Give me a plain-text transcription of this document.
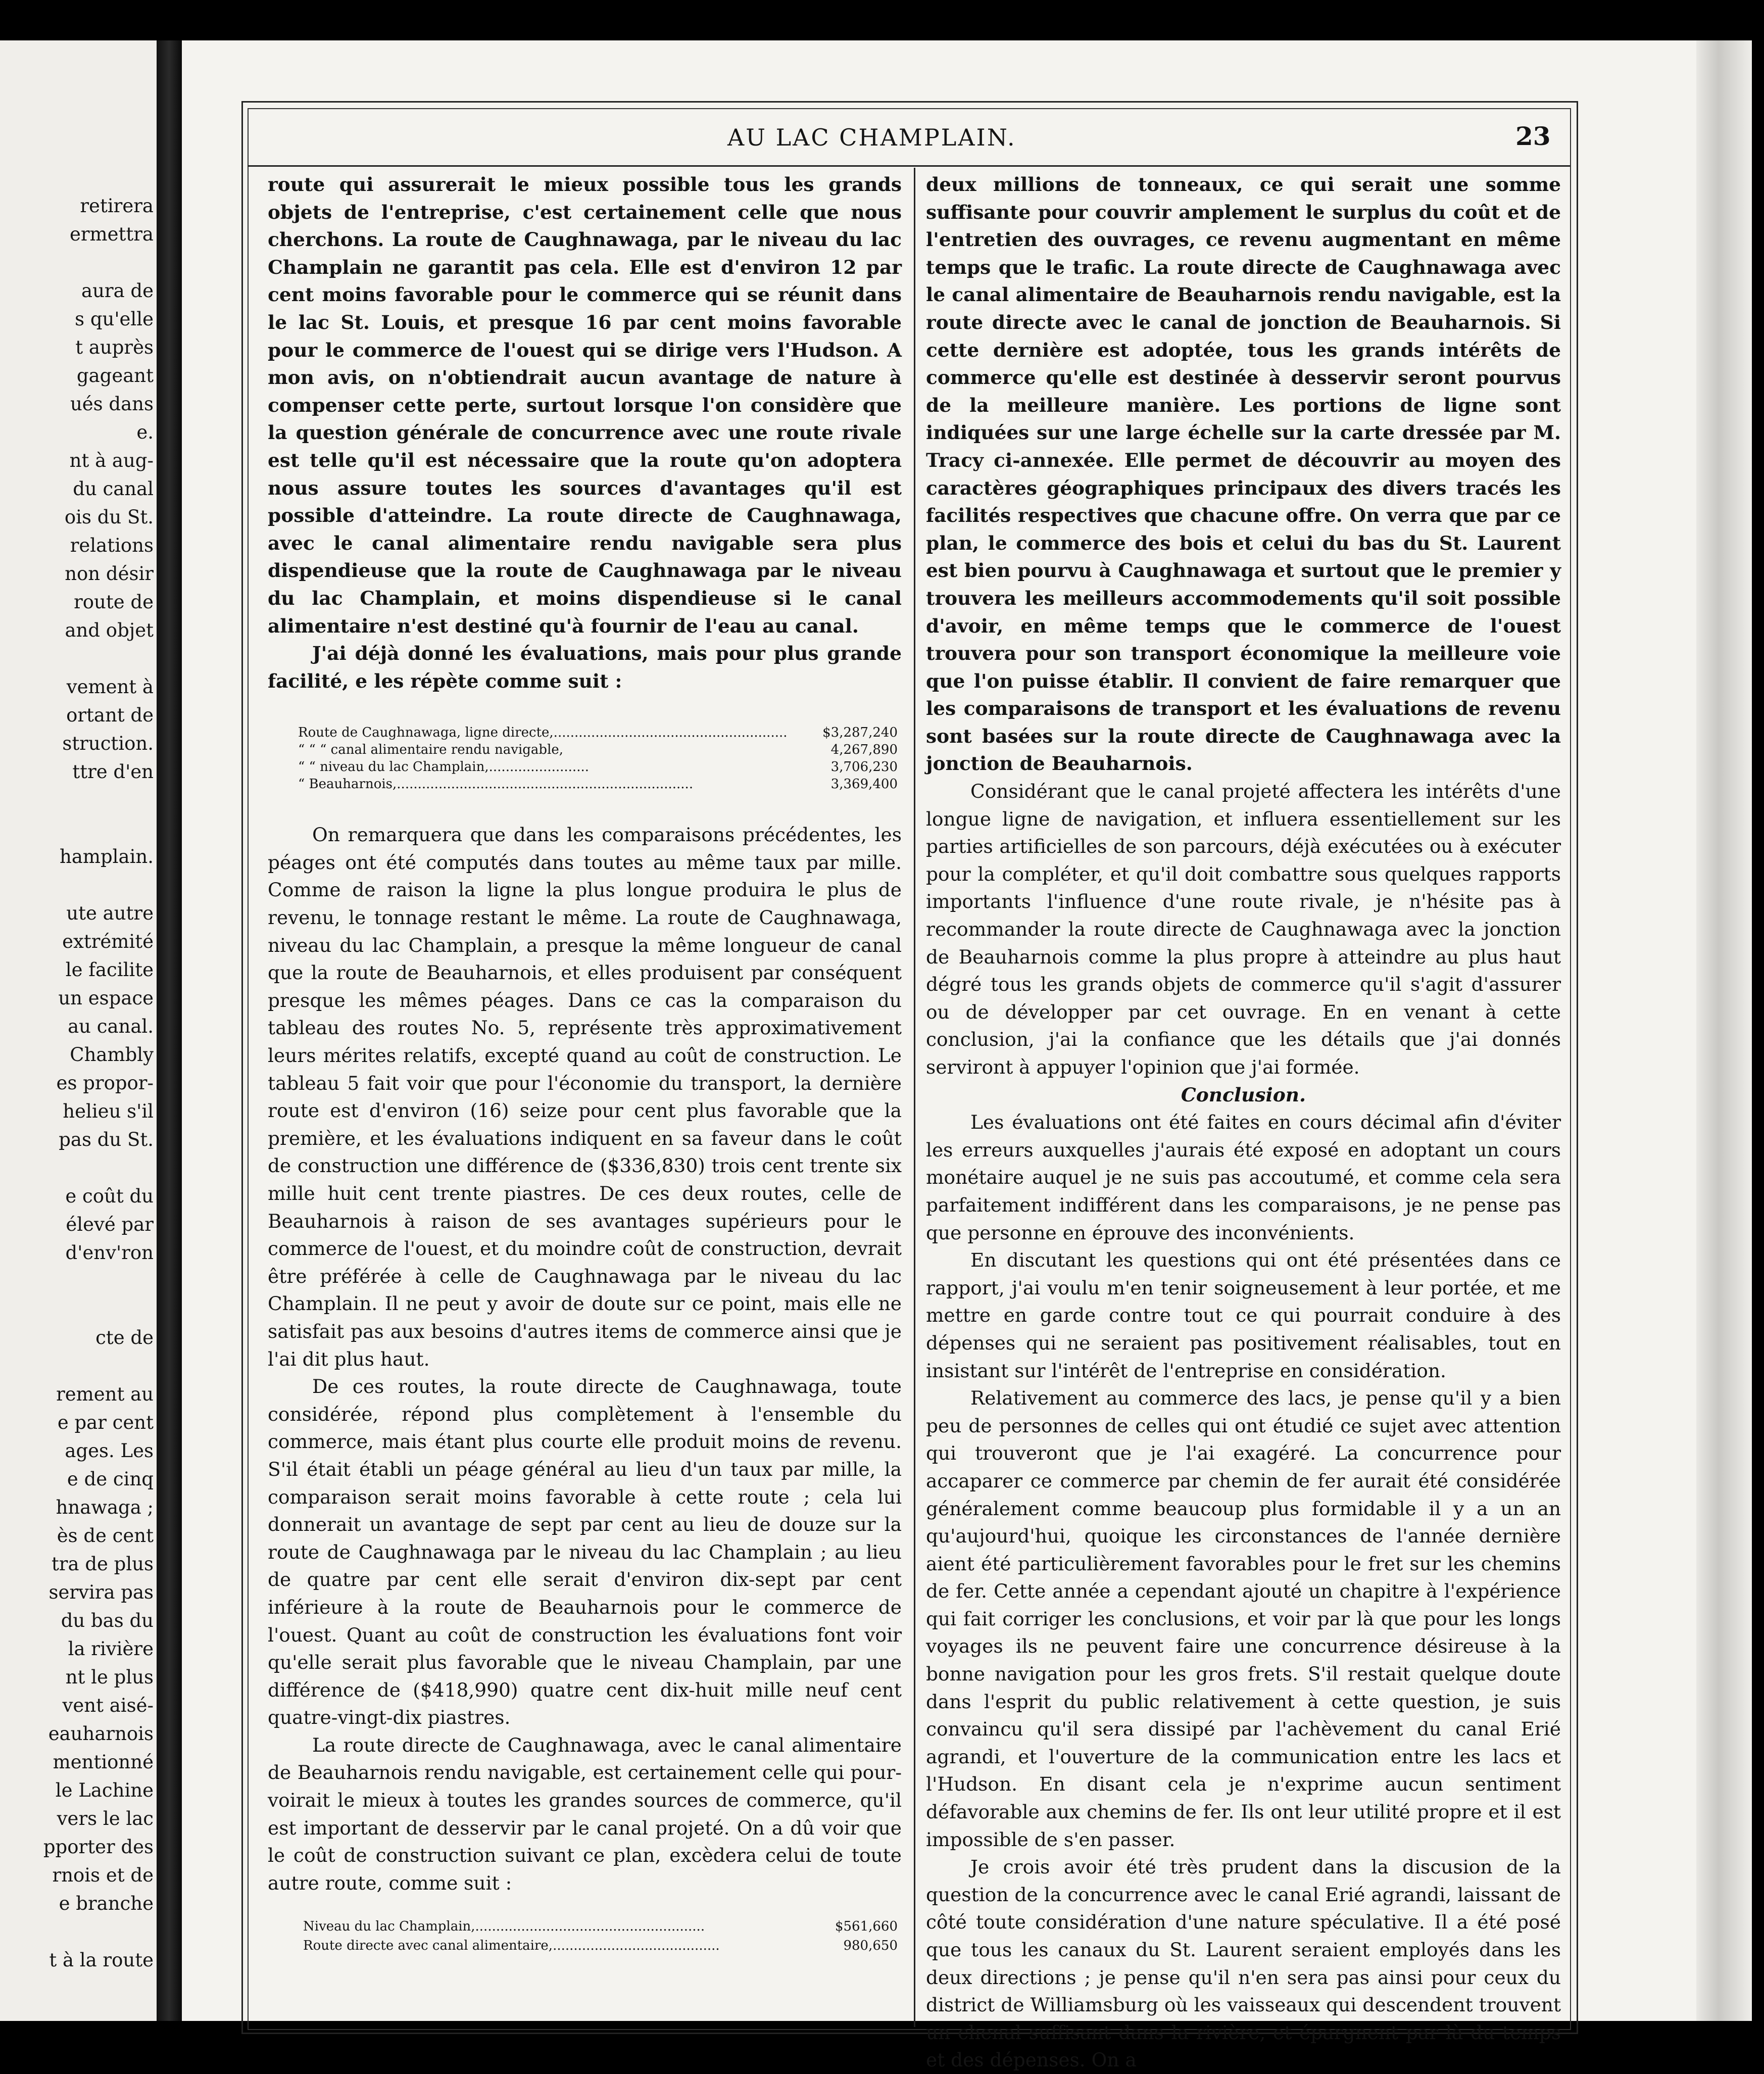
retirera
ermettra
aura de
s qu'elle
t auprès
gageant
ués dans
e.
nt à aug-
du canal
ois du St.
relations
non désir
route de
and objet
vement à
ortant de
struction.
ttre d'en
hamplain.
ute autre
extrémité
le facilite
un espace
au canal.
Chambly
es propor-
helieu s'il
pas du St.
e coût du
élevé par
d'env'ron
cte de
rement au
e par cent
ages. Les
e de cinq
hnawaga ;
ès de cent
tra de plus
servira pas
du bas du
la rivière
nt le plus
vent aisé-
eauharnois
mentionné
le Lachine
vers le lac
pporter des
rnois et de
e branche
t à la route
AU LAC CHAMPLAIN.	23

route qui assurerait le mieux possible tous les grands objets de l'entreprise, c'est certainement celle que nous cherchons. La route de Caughnawaga, par le niveau du lac Champlain ne garantit pas cela. Elle est d'environ 12 par cent moins favorable pour le commerce qui se réunit dans le lac St. Louis, et presque 16 par cent moins favorable pour le commerce de l'ouest qui se dirige vers l'Hudson. A mon avis, on n'obtiendrait aucun avantage de nature à compenser cette perte, surtout lorsque l'on considère que la question générale de concurrence avec une route rivale est telle qu'il est nécessaire que la route qu'on adoptera nous assure toutes les sources d'avantages qu'il est possible d'atteindre. La route directe de Caughnawaga, avec le canal alimentaire rendu navigable sera plus dispendieuse que la route de Caughnawaga par le niveau du lac Champlain, et moins dispendieuse si le canal alimentaire n'est destiné qu'à fournir de l'eau au canal.

J'ai déjà donné les évaluations, mais pour plus grande facilité, e les répète comme suit :

Route de Caughnawaga, ligne directe,........................................................	$3,287,240
“ “ “ canal alimentaire rendu navigable,	4,267,890
“ “ niveau du lac Champlain,........................	3,706,230
“ Beauharnois,.......................................................................	3,369,400

On remarquera que dans les comparaisons précédentes, les péages ont été computés dans toutes au même taux par mille. Comme de raison la ligne la plus longue produira le plus de revenu, le tonnage restant le même. La route de Caughnawaga, niveau du lac Champlain, a presque la même longueur de canal que la route de Beauharnois, et elles produisent par conséquent presque les mêmes péages. Dans ce cas la comparaison du tableau des routes No. 5, représente très approximativement leurs mérites relatifs, excepté quand au coût de construction. Le tableau 5 fait voir que pour l'économie du transport, la dernière route est d'environ (16) seize pour cent plus favorable que la première, et les évaluations indiquent en sa faveur dans le coût de construction une différence de ($336,830) trois cent trente six mille huit cent trente piastres. De ces deux routes, celle de Beauharnois à raison de ses avantages supérieurs pour le commerce de l'ouest, et du moindre coût de construction, devrait être préférée à celle de Caughnawaga par le niveau du lac Champlain. Il ne peut y avoir de doute sur ce point, mais elle ne satisfait pas aux besoins d'autres items de commerce ainsi que je l'ai dit plus haut.

De ces routes, la route directe de Caughnawaga, toute considérée, répond plus complètement à l'ensemble du commerce, mais étant plus courte elle produit moins de revenu. S'il était établi un péage général au lieu d'un taux par mille, la comparaison serait moins favorable à cette route ; cela lui donnerait un avantage de sept par cent au lieu de douze sur la route de Caughnawaga par le niveau du lac Champlain ; au lieu de quatre par cent elle serait d'environ dix-sept par cent inférieure à la route de Beauharnois pour le commerce de l'ouest. Quant au coût de construction les évaluations font voir qu'elle serait plus favorable que le niveau Champlain, par une différence de ($418,990) quatre cent dix-huit mille neuf cent quatre-vingt-dix piastres.

La route directe de Caughnawaga, avec le canal alimentaire de Beauharnois rendu navigable, est certainement celle qui pourvoirait le mieux à toutes les grandes sources de commerce, qu'il est important de desservir par le canal projeté. On a dû voir que le coût de construction suivant ce plan, excèdera celui de toute autre route, comme suit :

Niveau du lac Champlain,.......................................................	$561,660
Route directe avec canal alimentaire,........................................	980,650

deux millions de tonneaux, ce qui serait une somme suffisante pour couvrir amplement le surplus du coût et de l'entretien des ouvrages, ce revenu augmentant en même temps que le trafic. La route directe de Caughnawaga avec le canal alimentaire de Beauharnois rendu navigable, est la route directe avec le canal de jonction de Beauharnois. Si cette dernière est adoptée, tous les grands intérêts de commerce qu'elle est destinée à desservir seront pourvus de la meilleure manière. Les portions de ligne sont indiquées sur une large échelle sur la carte dressée par M. Tracy ci-annexée. Elle permet de découvrir au moyen des caractères géographiques principaux des divers tracés les facilités respectives que chacune offre. On verra que par ce plan, le commerce des bois et celui du bas du St. Laurent est bien pourvu à Caughnawaga et surtout que le premier y trouvera les meilleurs accommodements qu'il soit possible d'avoir, en même temps que le commerce de l'ouest trouvera pour son transport économique la meilleure voie que l'on puisse établir. Il convient de faire remarquer que les comparaisons de transport et les évaluations de revenu sont basées sur la route directe de Caughnawaga avec la jonction de Beauharnois.

Considérant que le canal projeté affectera les intérêts d'une longue ligne de navigation, et influera essentiellement sur les parties artificielles de son parcours, déjà exécutées ou à exécuter pour la compléter, et qu'il doit combattre sous quelques rapports importants l'influence d'une route rivale, je n'hésite pas à recommander la route directe de Caughnawaga avec la jonction de Beauharnois comme la plus propre à atteindre au plus haut dégré tous les grands objets de commerce qu'il s'agit d'assurer ou de développer par cet ouvrage. En en venant à cette conclusion, j'ai la confiance que les détails que j'ai donnés serviront à appuyer l'opinion que j'ai formée.

Conclusion.

Les évaluations ont été faites en cours décimal afin d'éviter les erreurs auxquelles j'aurais été exposé en adoptant un cours monétaire auquel je ne suis pas accoutumé, et comme cela sera parfaitement indifférent dans les comparaisons, je ne pense pas que personne en éprouve des inconvénients.

En discutant les questions qui ont été présentées dans ce rapport, j'ai voulu m'en tenir soigneusement à leur portée, et me mettre en garde contre tout ce qui pourrait conduire à des dépenses qui ne seraient pas positivement réalisables, tout en insistant sur l'intérêt de l'entreprise en considération.

Relativement au commerce des lacs, je pense qu'il y a bien peu de personnes de celles qui ont étudié ce sujet avec attention qui trouveront que je l'ai exagéré. La concurrence pour accaparer ce commerce par chemin de fer aurait été considérée généralement comme beaucoup plus formidable il y a un an qu'aujourd'hui, quoique les circonstances de l'année dernière aient été particulièrement favorables pour le fret sur les chemins de fer. Cette année a cependant ajouté un chapitre à l'expérience qui fait corriger les conclusions, et voir par là que pour les longs voyages ils ne peuvent faire une concurrence désireuse à la bonne navigation pour les gros frets. S'il restait quelque doute dans l'esprit du public relativement à cette question, je suis convaincu qu'il sera dissipé par l'achèvement du canal Erié agrandi, et l'ouverture de la communication entre les lacs et l'Hudson. En disant cela je n'exprime aucun sentiment défavorable aux chemins de fer. Ils ont leur utilité propre et il est impossible de s'en passer.

Je crois avoir été très prudent dans la discusion de la question de la concurrence avec le canal Erié agrandi, laissant de côté toute considération d'une nature spéculative. Il a été posé que tous les canaux du St. Laurent seraient employés dans les deux directions ; je pense qu'il n'en sera pas ainsi pour ceux du district de Williamsburg où les vaisseaux qui descendent trouvent un chenal suffisant dans la rivière, et épargnent par là du temps et des dépenses. On a
